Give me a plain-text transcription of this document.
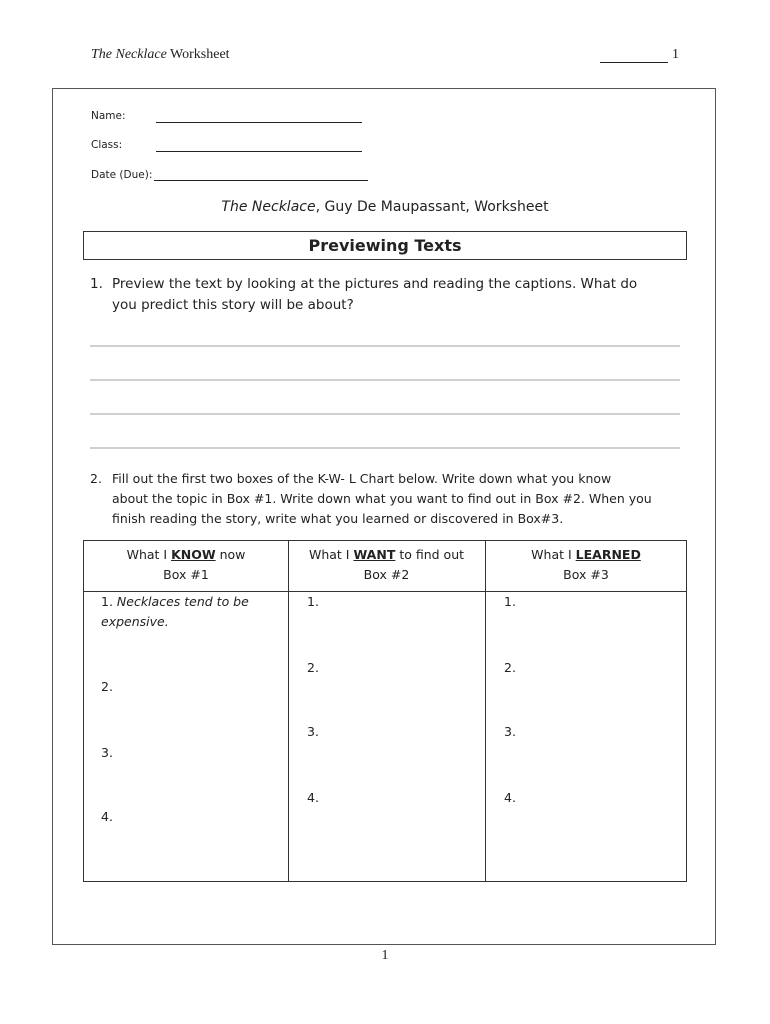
The Necklace Worksheet	1
Name:
Class:
Date (Due):
The Necklace, Guy De Maupassant, Worksheet
Previewing Texts
1. Preview the text by looking at the pictures and reading the captions. What do
you predict this story will be about?
2. Fill out the first two boxes of the K-W- L Chart below. Write down what you know
about the topic in Box #1. Write down what you want to find out in Box #2. When you
finish reading the story, write what you learned or discovered in Box#3.
What I KNOW now
Box #1
What I WANT to find out
Box #2
What I LEARNED
Box #3
1. Necklaces tend to be
expensive.
2.
3.
4.
1.
2.
3.
4.
1.
2.
3.
4.
1
